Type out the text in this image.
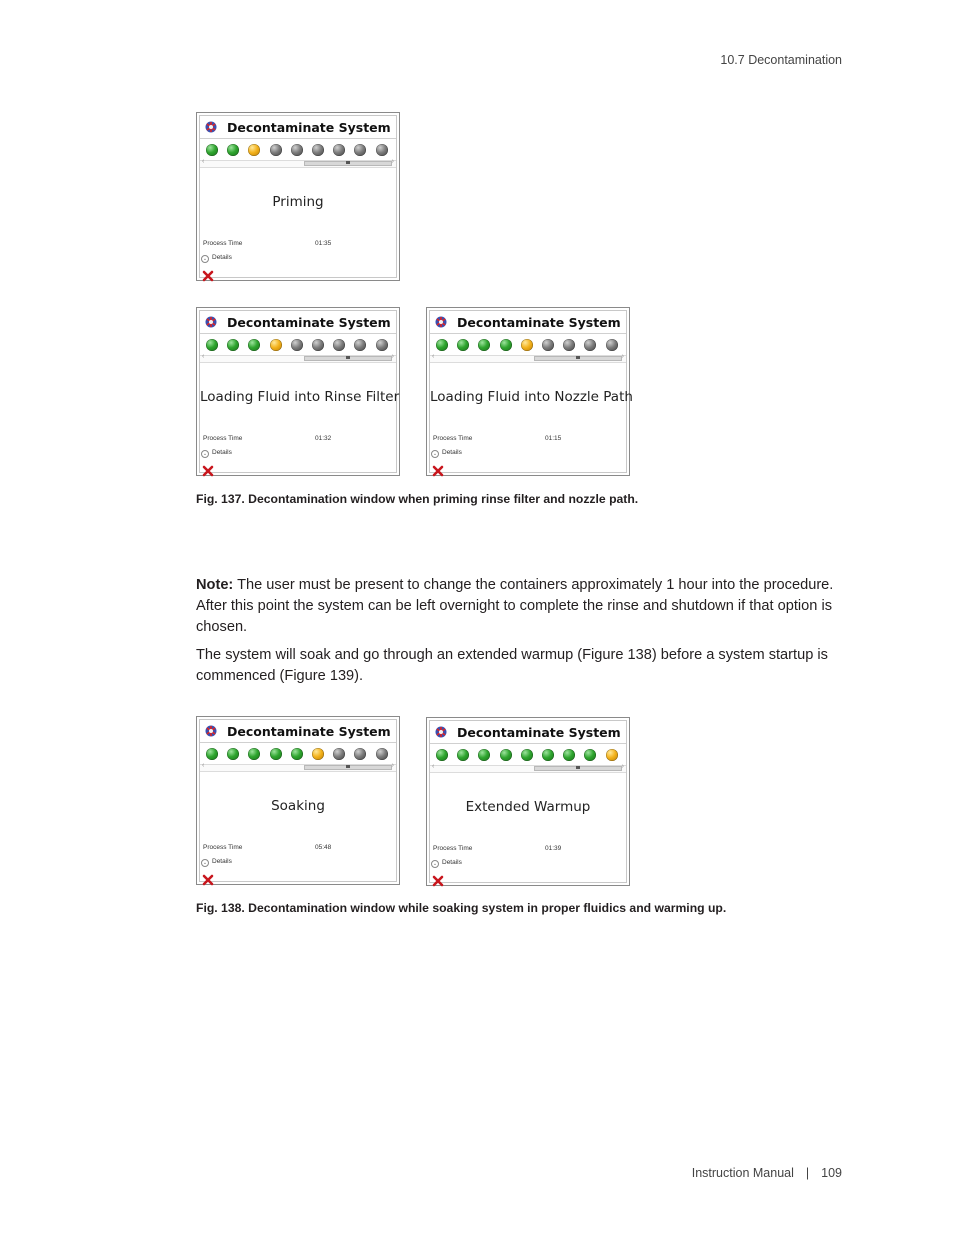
10.7 Decontamination
Decontaminate System
‹	›
Priming
Process Time	01:35
⌄ Details
Decontaminate System
‹	›
Loading Fluid into Rinse Filter
Process Time	01:32
⌄ Details
Decontaminate System
‹	›
Loading Fluid into Nozzle Path
Process Time	01:15
⌄ Details
Fig. 137. Decontamination window when priming rinse filter and nozzle path.
Note: The user must be present to change the containers approximately 1 hour into the procedure. After this point the system can be left overnight to complete the rinse and shutdown if that option is chosen.
The system will soak and go through an extended warmup (Figure 138) before a system startup is commenced (Figure 139).
Decontaminate System
‹	›
Soaking
Process Time	05:48
⌄ Details
Decontaminate System
‹	›
Extended Warmup
Process Time	01:39
⌄ Details
Fig. 138. Decontamination window while soaking system in proper fluidics and warming up.
Instruction Manual | 109
